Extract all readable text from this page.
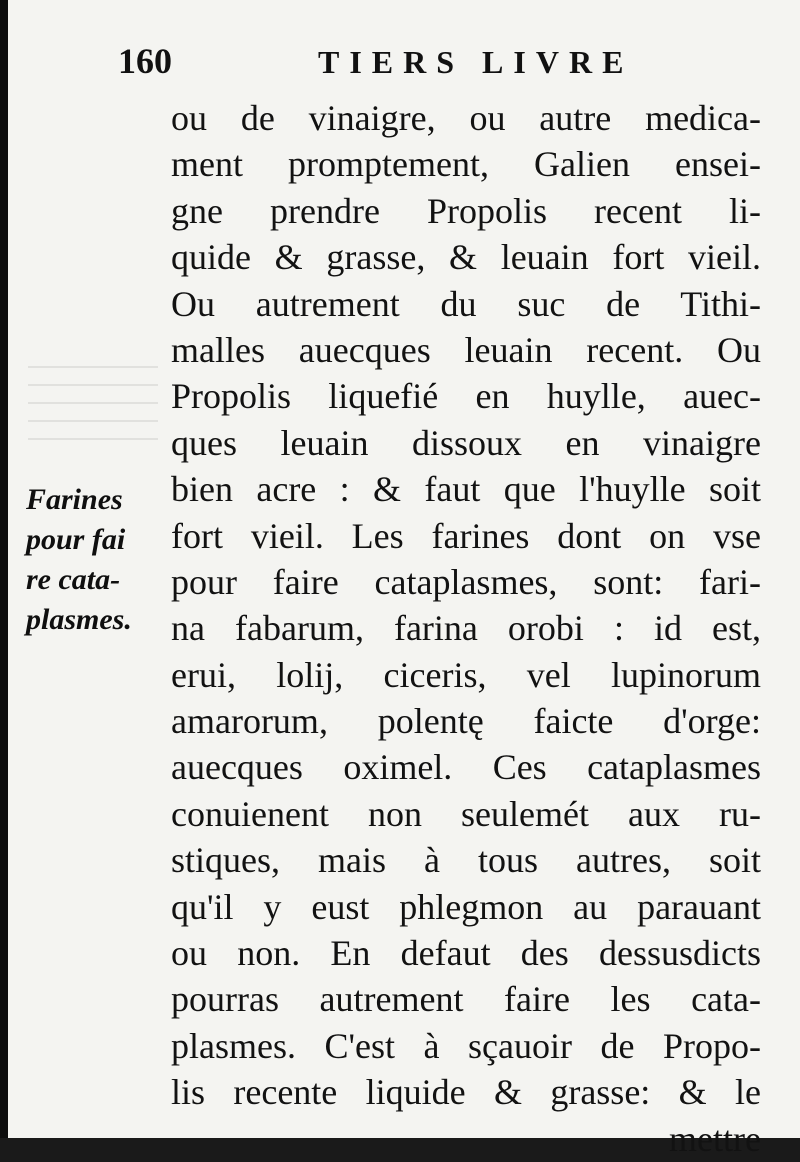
160	TIERS LIVRE
Farines
pour fai
re cata-
plasmes.
ou de vinaigre, ou autre medica-
ment promptement, Galien ensei-
gne prendre Propolis recent li-
quide & grasse, & leuain fort vieil.
Ou autrement du suc de Tithi-
malles auecques leuain recent. Ou
Propolis liquefié en huylle, auec-
ques leuain dissoux en vinaigre
bien acre : & faut que l'huylle soit
fort vieil. Les farines dont on vse
pour faire cataplasmes, sont: fari-
na fabarum, farina orobi : id est,
erui, lolij, ciceris, vel lupinorum
amarorum, polentę faicte d'orge:
auecques oximel. Ces cataplasmes
conuienent non seulemét aux ru-
stiques, mais à tous autres, soit
qu'il y eust phlegmon au parauant
ou non. En defaut des dessusdicts
pourras autrement faire les cata-
plasmes. C'est à sçauoir de Propo-
lis recente liquide & grasse: & le
mettre
